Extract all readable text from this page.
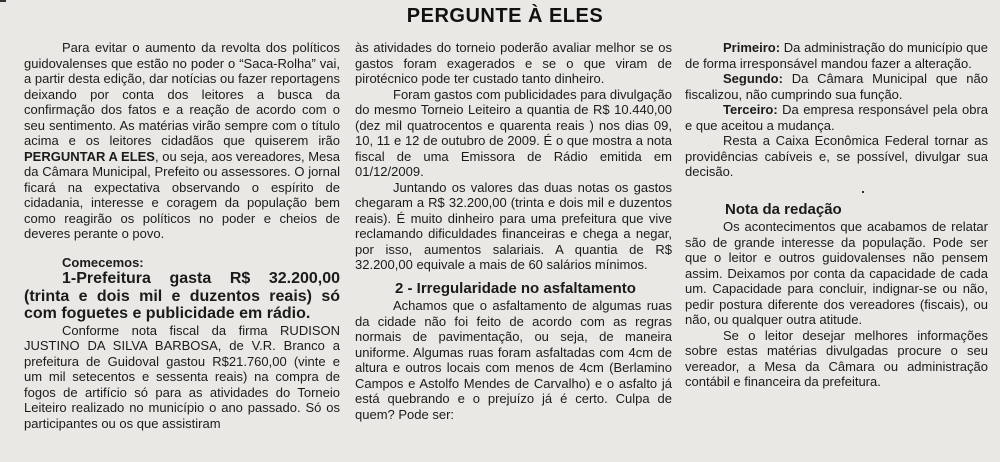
PERGUNTE À ELES

Para evitar o aumento da revolta dos políticos guidovalenses que estão no poder o “Saca-Rolha” vai, a partir desta edição, dar notícias ou fazer reportagens deixando por conta dos leitores a busca da confirmação dos fatos e a reação de acordo com o seu sentimento. As matérias virão sempre com o título acima e os leitores cidadãos que quiserem irão PERGUNTAR A ELES, ou seja, aos vereadores, Mesa da Câmara Municipal, Prefeito ou assessores. O jornal ficará na expectativa observando o espírito de cidadania, interesse e coragem da população bem como reagirão os políticos no poder e cheios de deveres perante o povo.

Comecemos:

1-Prefeitura gasta R$ 32.200,00 (trinta e dois mil e duzentos reais) só com foguetes e publicidade em rádio.

Conforme nota fiscal da firma RUDISON JUSTINO DA SILVA BARBOSA, de V.R. Branco a prefeitura de Guidoval gastou R$21.760,00 (vinte e um mil setecentos e sessenta reais) na compra de fogos de artifício só para as atividades do Torneio Leiteiro realizado no município o ano passado. Só os participantes ou os que assistiram

às atividades do torneio poderão avaliar melhor se os gastos foram exagerados e se o que viram de pirotécnico pode ter custado tanto dinheiro.

Foram gastos com publicidades para divulgação do mesmo Torneio Leiteiro a quantia de R$ 10.440,00 (dez mil quatrocentos e quarenta reais ) nos dias 09, 10, 11 e 12 de outubro de 2009. É o que mostra a nota fiscal de uma Emissora de Rádio emitida em 01/12/2009.

Juntando os valores das duas notas os gastos chegaram a R$ 32.200,00 (trinta e dois mil e duzentos reais). É muito dinheiro para uma prefeitura que vive reclamando dificuldades financeiras e chega a negar, por isso, aumentos salariais. A quantia de R$ 32.200,00 equivale a mais de 60 salários mínimos.

2 - Irregularidade no asfaltamento

Achamos que o asfaltamento de algumas ruas da cidade não foi feito de acordo com as regras normais de pavimentação, ou seja, de maneira uniforme. Algumas ruas foram asfaltadas com 4cm de altura e outros locais com menos de 4cm (Berlamino Campos e Astolfo Mendes de Carvalho) e o asfalto já está quebrando e o prejuízo já é certo. Culpa de quem? Pode ser:

Primeiro: Da administração do município que de forma irresponsável mandou fazer a alteração.

Segundo: Da Câmara Municipal que não fiscalizou, não cumprindo sua função.

Terceiro: Da empresa responsável pela obra e que aceitou a mudança.

Resta a Caixa Econômica Federal tornar as providências cabíveis e, se possível, divulgar sua decisão.

Nota da redação

Os acontecimentos que acabamos de relatar são de grande interesse da população. Pode ser que o leitor e outros guidovalenses não pensem assim. Deixamos por conta da capacidade de cada um. Capacidade para concluir, indignar-se ou não, pedir postura diferente dos vereadores (fiscais), ou não, ou qualquer outra atitude.

Se o leitor desejar melhores informações sobre estas matérias divulgadas procure o seu vereador, a Mesa da Câmara ou administração contábil e financeira da prefeitura.
